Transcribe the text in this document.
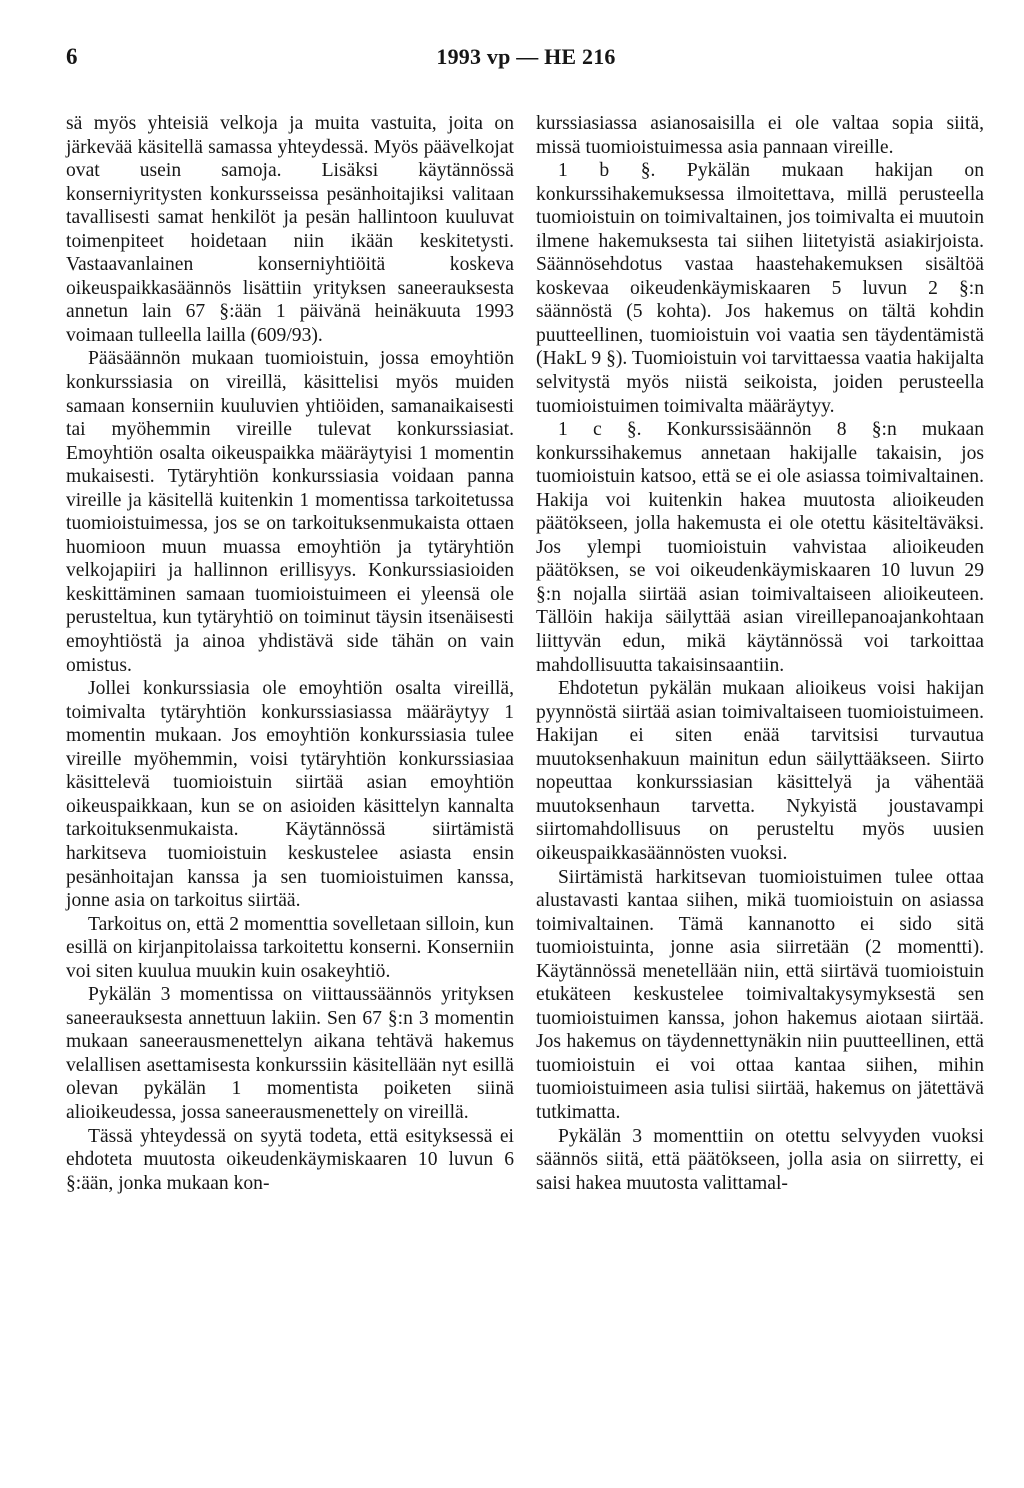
6	1993 vp — HE 216

sä myös yhteisiä velkoja ja muita vastuita, joita on järkevää käsitellä samassa yhteydessä. Myös päävelkojat ovat usein samoja. Lisäksi käytännössä konserniyritysten konkursseissa pesänhoitajiksi valitaan tavallisesti samat henkilöt ja pesän hallintoon kuuluvat toimenpiteet hoidetaan niin ikään keskitetysti. Vastaavanlainen konserniyhtiöitä koskeva oikeuspaikkasäännös lisättiin yrityksen saneerauksesta annetun lain 67 §:ään 1 päivänä heinäkuuta 1993 voimaan tulleella lailla (609/93).

Pääsäännön mukaan tuomioistuin, jossa emoyhtiön konkurssiasia on vireillä, käsittelisi myös muiden samaan konserniin kuuluvien yhtiöiden, samanaikaisesti tai myöhemmin vireille tulevat konkurssiasiat. Emoyhtiön osalta oikeuspaikka määräytyisi 1 momentin mukaisesti. Tytäryhtiön konkurssiasia voidaan panna vireille ja käsitellä kuitenkin 1 momentissa tarkoitetussa tuomioistuimessa, jos se on tarkoituksenmukaista ottaen huomioon muun muassa emoyhtiön ja tytäryhtiön velkojapiiri ja hallinnon erillisyys. Konkurssiasioiden keskittäminen samaan tuomioistuimeen ei yleensä ole perusteltua, kun tytäryhtiö on toiminut täysin itsenäisesti emoyhtiöstä ja ainoa yhdistävä side tähän on vain omistus.

Jollei konkurssiasia ole emoyhtiön osalta vireillä, toimivalta tytäryhtiön konkurssiasiassa määräytyy 1 momentin mukaan. Jos emoyhtiön konkurssiasia tulee vireille myöhemmin, voisi tytäryhtiön konkurssiasiaa käsittelevä tuomioistuin siirtää asian emoyhtiön oikeuspaikkaan, kun se on asioiden käsittelyn kannalta tarkoituksenmukaista. Käytännössä siirtämistä harkitseva tuomioistuin keskustelee asiasta ensin pesänhoitajan kanssa ja sen tuomioistuimen kanssa, jonne asia on tarkoitus siirtää.

Tarkoitus on, että 2 momenttia sovelletaan silloin, kun esillä on kirjanpitolaissa tarkoitettu konserni. Konserniin voi siten kuulua muukin kuin osakeyhtiö.

Pykälän 3 momentissa on viittaussäännös yrityksen saneerauksesta annettuun lakiin. Sen 67 §:n 3 momentin mukaan saneerausmenettelyn aikana tehtävä hakemus velallisen asettamisesta konkurssiin käsitellään nyt esillä olevan pykälän 1 momentista poiketen siinä alioikeudessa, jossa saneerausmenettely on vireillä.

Tässä yhteydessä on syytä todeta, että esityksessä ei ehdoteta muutosta oikeudenkäymiskaaren 10 luvun 6 §:ään, jonka mukaan kon-

kurssiasiassa asianosaisilla ei ole valtaa sopia siitä, missä tuomioistuimessa asia pannaan vireille.

1 b §. Pykälän mukaan hakijan on konkurssihakemuksessa ilmoitettava, millä perusteella tuomioistuin on toimivaltainen, jos toimivalta ei muutoin ilmene hakemuksesta tai siihen liitetyistä asiakirjoista. Säännösehdotus vastaa haastehakemuksen sisältöä koskevaa oikeudenkäymiskaaren 5 luvun 2 §:n säännöstä (5 kohta). Jos hakemus on tältä kohdin puutteellinen, tuomioistuin voi vaatia sen täydentämistä (HakL 9 §). Tuomioistuin voi tarvittaessa vaatia hakijalta selvitystä myös niistä seikoista, joiden perusteella tuomioistuimen toimivalta määräytyy.

1 c §. Konkurssisäännön 8 §:n mukaan konkurssihakemus annetaan hakijalle takaisin, jos tuomioistuin katsoo, että se ei ole asiassa toimivaltainen. Hakija voi kuitenkin hakea muutosta alioikeuden päätökseen, jolla hakemusta ei ole otettu käsiteltäväksi. Jos ylempi tuomioistuin vahvistaa alioikeuden päätöksen, se voi oikeudenkäymiskaaren 10 luvun 29 §:n nojalla siirtää asian toimivaltaiseen alioikeuteen. Tällöin hakija säilyttää asian vireillepanoajankohtaan liittyvän edun, mikä käytännössä voi tarkoittaa mahdollisuutta takaisinsaantiin.

Ehdotetun pykälän mukaan alioikeus voisi hakijan pyynnöstä siirtää asian toimivaltaiseen tuomioistuimeen. Hakijan ei siten enää tarvitsisi turvautua muutoksenhakuun mainitun edun säilyttääkseen. Siirto nopeuttaa konkurssiasian käsittelyä ja vähentää muutoksenhaun tarvetta. Nykyistä joustavampi siirtomahdollisuus on perusteltu myös uusien oikeuspaikkasäännösten vuoksi.

Siirtämistä harkitsevan tuomioistuimen tulee ottaa alustavasti kantaa siihen, mikä tuomioistuin on asiassa toimivaltainen. Tämä kannanotto ei sido sitä tuomioistuinta, jonne asia siirretään (2 momentti). Käytännössä menetellään niin, että siirtävä tuomioistuin etukäteen keskustelee toimivaltakysymyksestä sen tuomioistuimen kanssa, johon hakemus aiotaan siirtää. Jos hakemus on täydennettynäkin niin puutteellinen, että tuomioistuin ei voi ottaa kantaa siihen, mihin tuomioistuimeen asia tulisi siirtää, hakemus on jätettävä tutkimatta.

Pykälän 3 momenttiin on otettu selvyyden vuoksi säännös siitä, että päätökseen, jolla asia on siirretty, ei saisi hakea muutosta valittamal-
